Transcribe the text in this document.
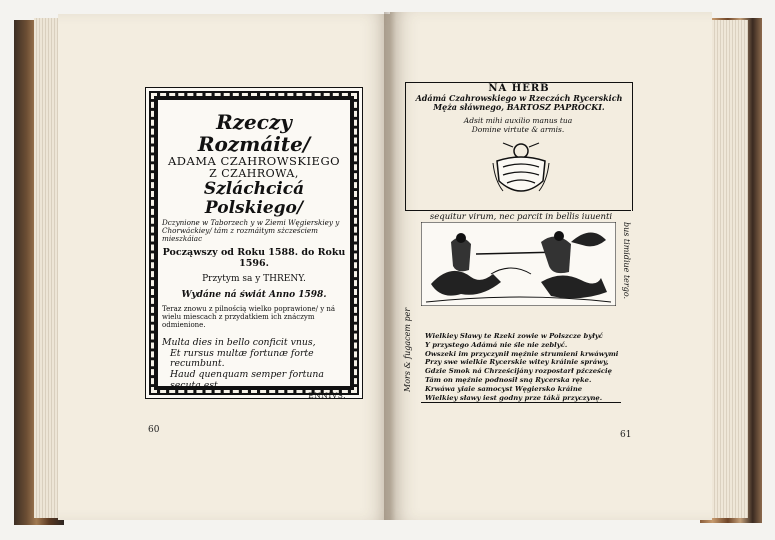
Rzeczy Rozmáite/
ADAMA CZAHROWSKIEGO
Z CZAHROWA,
Szláchcicá Polskiego/
Dczynione w Taborzech y w Ziemi Węgierskiey y Chorwáckiey/ tám z rozmáitym sżcześciem mieszkáiac
Począwszy od Roku 1588. do Roku 1596.
Przytym sa y THRENY.
Wydáne ná świát Anno 1598.
Teraz znowu z pilnością wielko poprawione/ y ná wielu miescach z przydatkiem ich znáczym odmienione.
Multa dies in bello conficit vnus,
Et rursus multæ fortunæ forte recumbunt.
Haud quenquam semper fortuna secuta est.
ENNIVS.
60
NA HERB
Adámá Czahrowskiego w Rzeczách Rycerskich Męża słáwnego, BARTOSZ PAPROCKI.
Adsit mihi auxilio manus tua Domine virtute & armis.
sequitur virum, nec parcit in bellis iuuenti
Mors & fugacem per
bus timidiue tergo.
Wielkiey Sławy te Rzeki zowie w Polszcze byłyć
Y przystego Adámá nie śle nie zeblyć.
Owszeki im przyczynił męźnie strumieni krwáwymi
Przy swe wielkie Rycerskie witey kráinie spráwy,
Gdzie Smok ná Chrześcijány rozpostarł pźcześcię
Tám on męźnie podnosił sną Rycerska ręke.
Krwáwa yiaie samocyst Węgiersko kráine
Wielkiey sławy iest godny prze tákä przyczynę.
61
